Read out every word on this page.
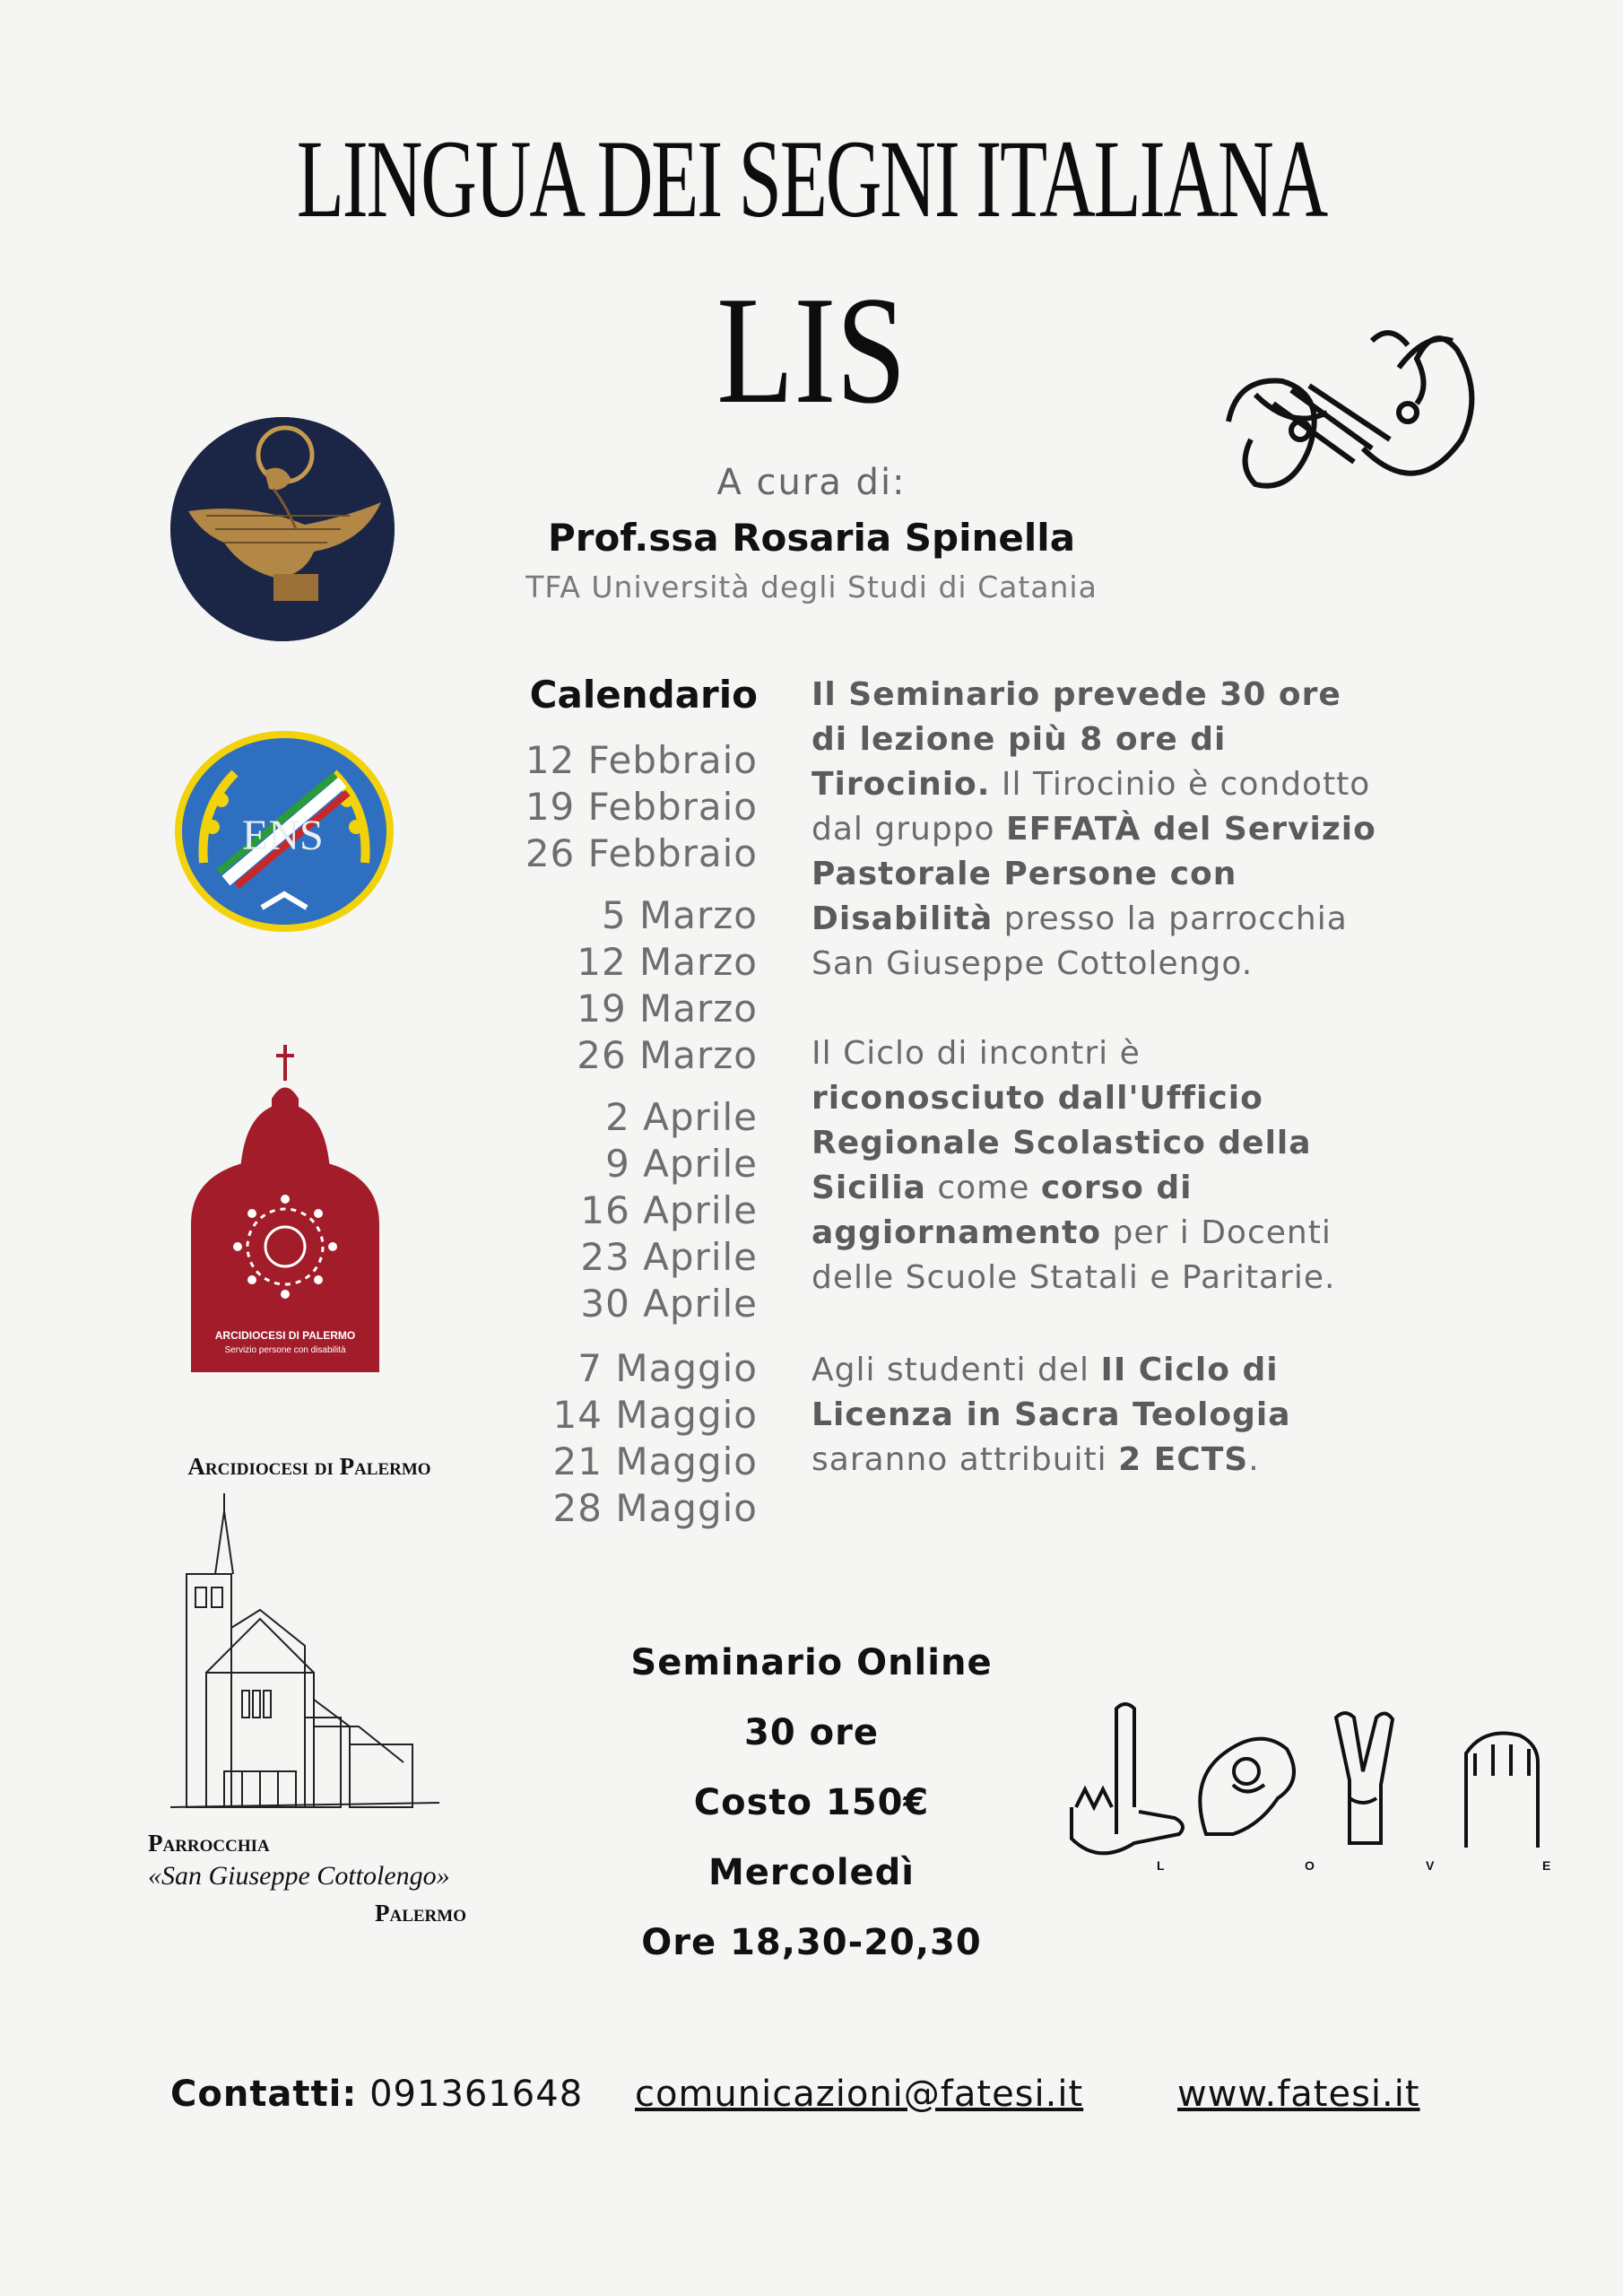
LINGUA DEI SEGNI ITALIANA
LIS
A cura di:
Prof.ssa Rosaria Spinella
TFA Università degli Studi di Catania
ENS
ARCIDIOCESI DI PALERMO
Servizio persone con disabilità
Arcidiocesi di Palermo
Parrocchia
«San Giuseppe Cottolengo»
Palermo
Calendario
12 Febbraio
19 Febbraio
26 Febbraio
5 Marzo
12 Marzo
19 Marzo
26 Marzo
2 Aprile
9 Aprile
16 Aprile
23 Aprile
30 Aprile
7 Maggio
14 Maggio
21 Maggio
28 Maggio
Il Seminario prevede 30 ore di lezione più 8 ore di Tirocinio. Il Tirocinio è condotto dal gruppo EFFATÀ del Servizio Pastorale Persone con Disabilità presso la parrocchia San Giuseppe Cottolengo.
Il Ciclo di incontri è riconosciuto dall'Ufficio Regionale Scolastico della Sicilia come corso di aggiornamento per i Docenti delle Scuole Statali e Paritarie.
Agli studenti del II Ciclo di Licenza in Sacra Teologia saranno attribuiti 2 ECTS.
Seminario Online
30 ore
Costo 150€
Mercoledì
Ore 18,30-20,30
L	O	V	E
Contatti: 091361648 comunicazioni@fatesi.it	www.fatesi.it
